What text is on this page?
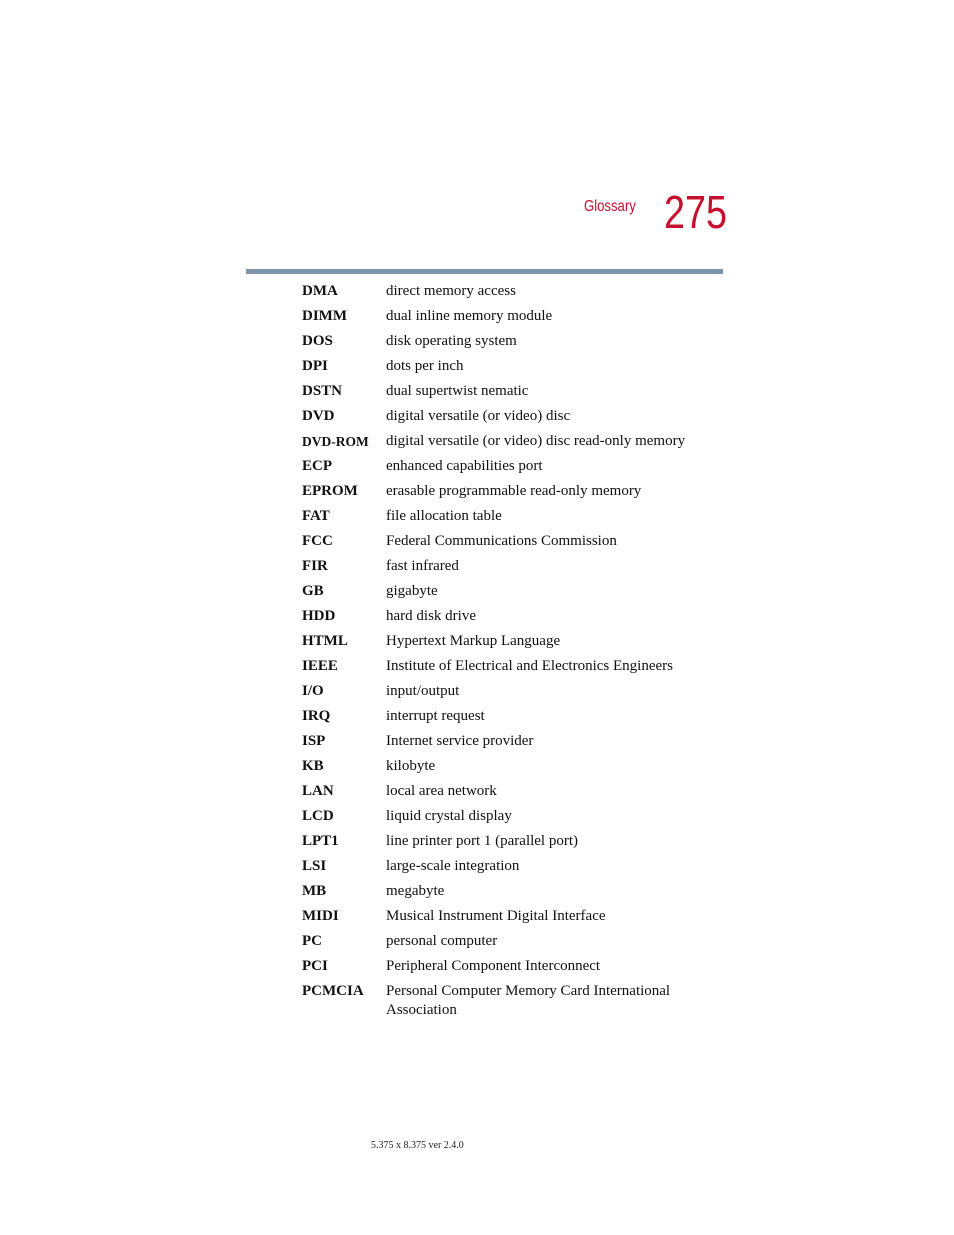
Glossary 275
DMA	direct memory access
DIMM	dual inline memory module
DOS	disk operating system
DPI	dots per inch
DSTN	dual supertwist nematic
DVD	digital versatile (or video) disc
DVD-ROM	digital versatile (or video) disc read-only memory
ECP	enhanced capabilities port
EPROM	erasable programmable read-only memory
FAT	file allocation table
FCC	Federal Communications Commission
FIR	fast infrared
GB	gigabyte
HDD	hard disk drive
HTML	Hypertext Markup Language
IEEE	Institute of Electrical and Electronics Engineers
I/O	input/output
IRQ	interrupt request
ISP	Internet service provider
KB	kilobyte
LAN	local area network
LCD	liquid crystal display
LPT1	line printer port 1 (parallel port)
LSI	large-scale integration
MB	megabyte
MIDI	Musical Instrument Digital Interface
PC	personal computer
PCI	Peripheral Component Interconnect
PCMCIA	Personal Computer Memory Card International Association
5.375 x 8.375 ver 2.4.0
